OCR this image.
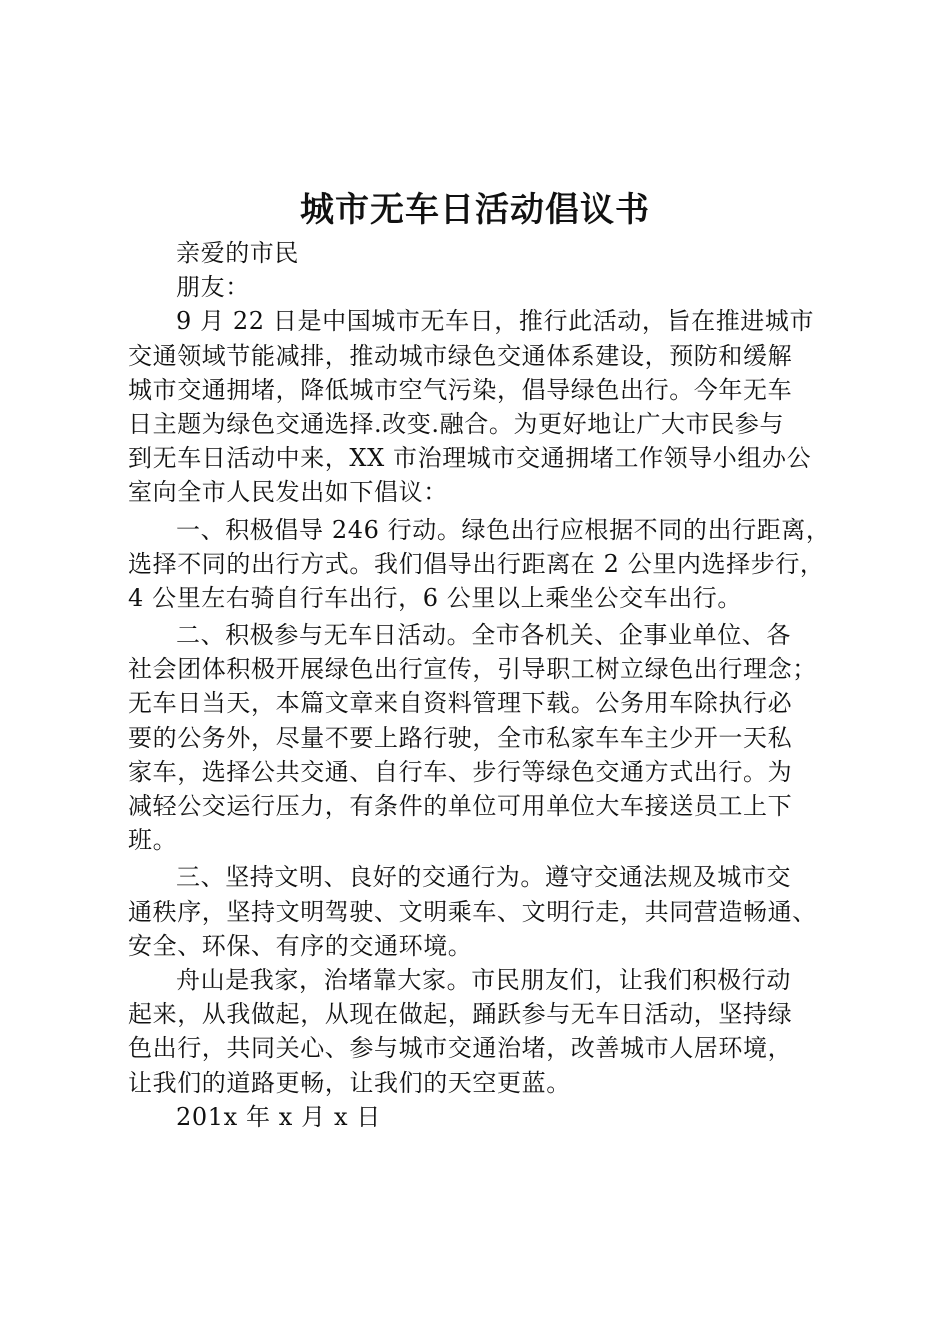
城市无车日活动倡议书
亲爱的市民
朋友：
9 月 22 日是中国城市无车日，推行此活动，旨在推进城市
交通领域节能减排，推动城市绿色交通体系建设，预防和缓解
城市交通拥堵，降低城市空气污染，倡导绿色出行。今年无车
日主题为绿色交通选择.改变.融合。为更好地让广大市民参与
到无车日活动中来，XX 市治理城市交通拥堵工作领导小组办公
室向全市人民发出如下倡议：
一、积极倡导 246 行动。绿色出行应根据不同的出行距离，
选择不同的出行方式。我们倡导出行距离在 2 公里内选择步行，
4 公里左右骑自行车出行，6 公里以上乘坐公交车出行。
二、积极参与无车日活动。全市各机关、企事业单位、各
社会团体积极开展绿色出行宣传，引导职工树立绿色出行理念；
无车日当天，本篇文章来自资料管理下载。公务用车除执行必
要的公务外，尽量不要上路行驶，全市私家车车主少开一天私
家车，选择公共交通、自行车、步行等绿色交通方式出行。为
减轻公交运行压力，有条件的单位可用单位大车接送员工上下
班。
三、坚持文明、良好的交通行为。遵守交通法规及城市交
通秩序，坚持文明驾驶、文明乘车、文明行走，共同营造畅通、
安全、环保、有序的交通环境。
舟山是我家，治堵靠大家。市民朋友们，让我们积极行动
起来，从我做起，从现在做起，踊跃参与无车日活动，坚持绿
色出行，共同关心、参与城市交通治堵，改善城市人居环境，
让我们的道路更畅，让我们的天空更蓝。
201x 年 x 月 x 日
